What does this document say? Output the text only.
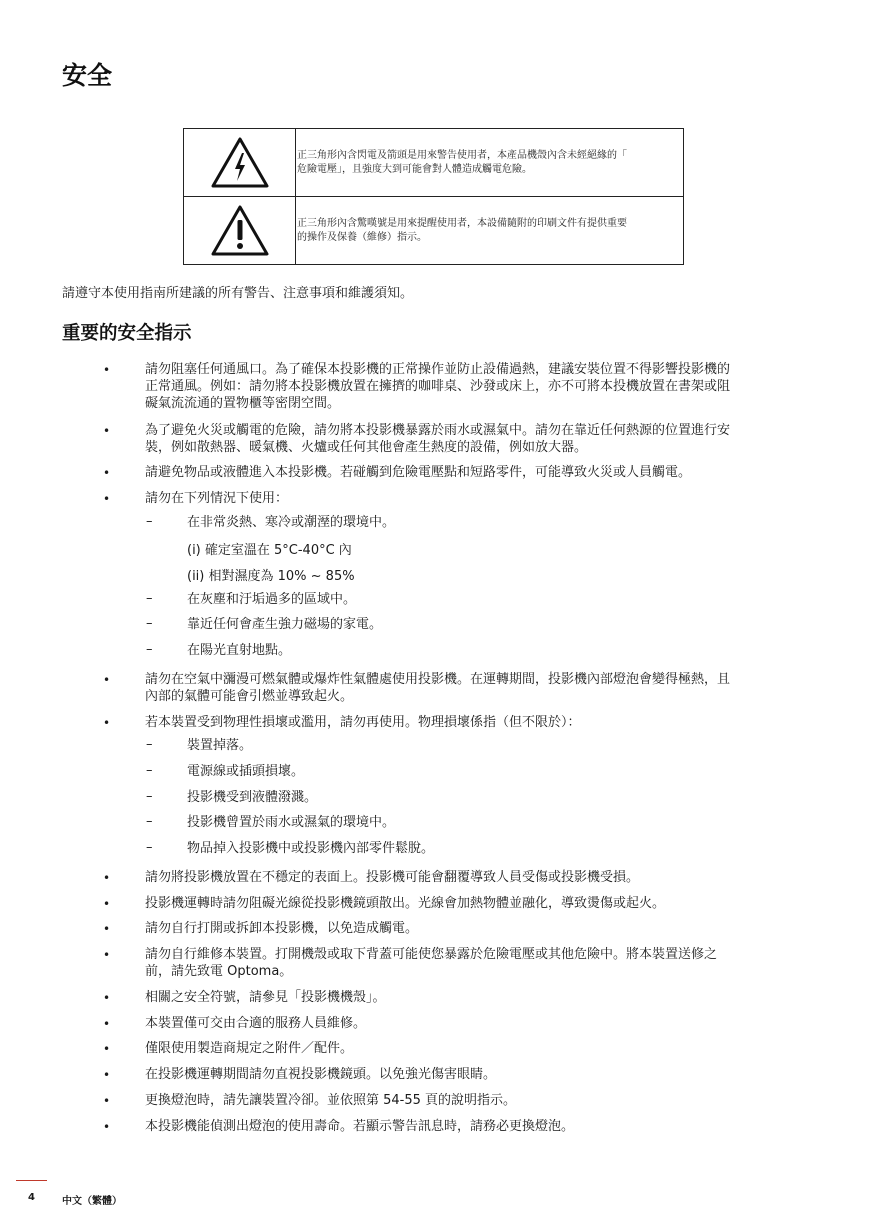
安全
正三角形內含閃電及箭頭是用來警告使用者，本產品機殼內含未經絕緣的「
危險電壓」，且強度大到可能會對人體造成觸電危險。
正三角形內含驚嘆號是用來提醒使用者，本設備隨附的印刷文件有提供重要
的操作及保養（維修）指示。
請遵守本使用指南所建議的所有警告、注意事項和維護須知。
重要的安全指示
•	請勿阻塞任何通風口。為了確保本投影機的正常操作並防止設備過熱，建議安裝位置不得影響投影機的
正常通風。例如：請勿將本投影機放置在擁擠的咖啡桌、沙發或床上，亦不可將本投機放置在書架或阻
礙氣流流通的置物櫃等密閉空間。
•	為了避免火災或觸電的危險，請勿將本投影機暴露於雨水或濕氣中。請勿在靠近任何熱源的位置進行安
裝，例如散熱器、暖氣機、火爐或任何其他會產生熱度的設備，例如放大器。
•	請避免物品或液體進入本投影機。若碰觸到危險電壓點和短路零件，可能導致火災或人員觸電。
•	請勿在下列情況下使用：
–	在非常炎熱、寒冷或潮溼的環境中。
(i) 確定室溫在 5°C-40°C 內
(ii) 相對濕度為 10% ~ 85%
–	在灰塵和汙垢過多的區域中。
–	靠近任何會產生強力磁場的家電。
–	在陽光直射地點。
•	請勿在空氣中瀰漫可燃氣體或爆炸性氣體處使用投影機。在運轉期間，投影機內部燈泡會變得極熱，且
內部的氣體可能會引燃並導致起火。
•	若本裝置受到物理性損壞或濫用，請勿再使用。物理損壞係指（但不限於）：
–	裝置掉落。
–	電源線或插頭損壞。
–	投影機受到液體潑濺。
–	投影機曾置於雨水或濕氣的環境中。
–	物品掉入投影機中或投影機內部零件鬆脫。
•	請勿將投影機放置在不穩定的表面上。投影機可能會翻覆導致人員受傷或投影機受損。
•	投影機運轉時請勿阻礙光線從投影機鏡頭散出。光線會加熱物體並融化，導致燙傷或起火。
•	請勿自行打開或拆卸本投影機，以免造成觸電。
•	請勿自行維修本裝置。打開機殼或取下背蓋可能使您暴露於危險電壓或其他危險中。將本裝置送修之
前，請先致電 Optoma。
•	相關之安全符號，請參見「投影機機殼」。
•	本裝置僅可交由合適的服務人員維修。
•	僅限使用製造商規定之附件／配件。
•	在投影機運轉期間請勿直視投影機鏡頭。以免強光傷害眼睛。
•	更換燈泡時，請先讓裝置冷卻。並依照第 54-55 頁的說明指示。
•	本投影機能偵測出燈泡的使用壽命。若顯示警告訊息時，請務必更換燈泡。
4	中文（繁體）
